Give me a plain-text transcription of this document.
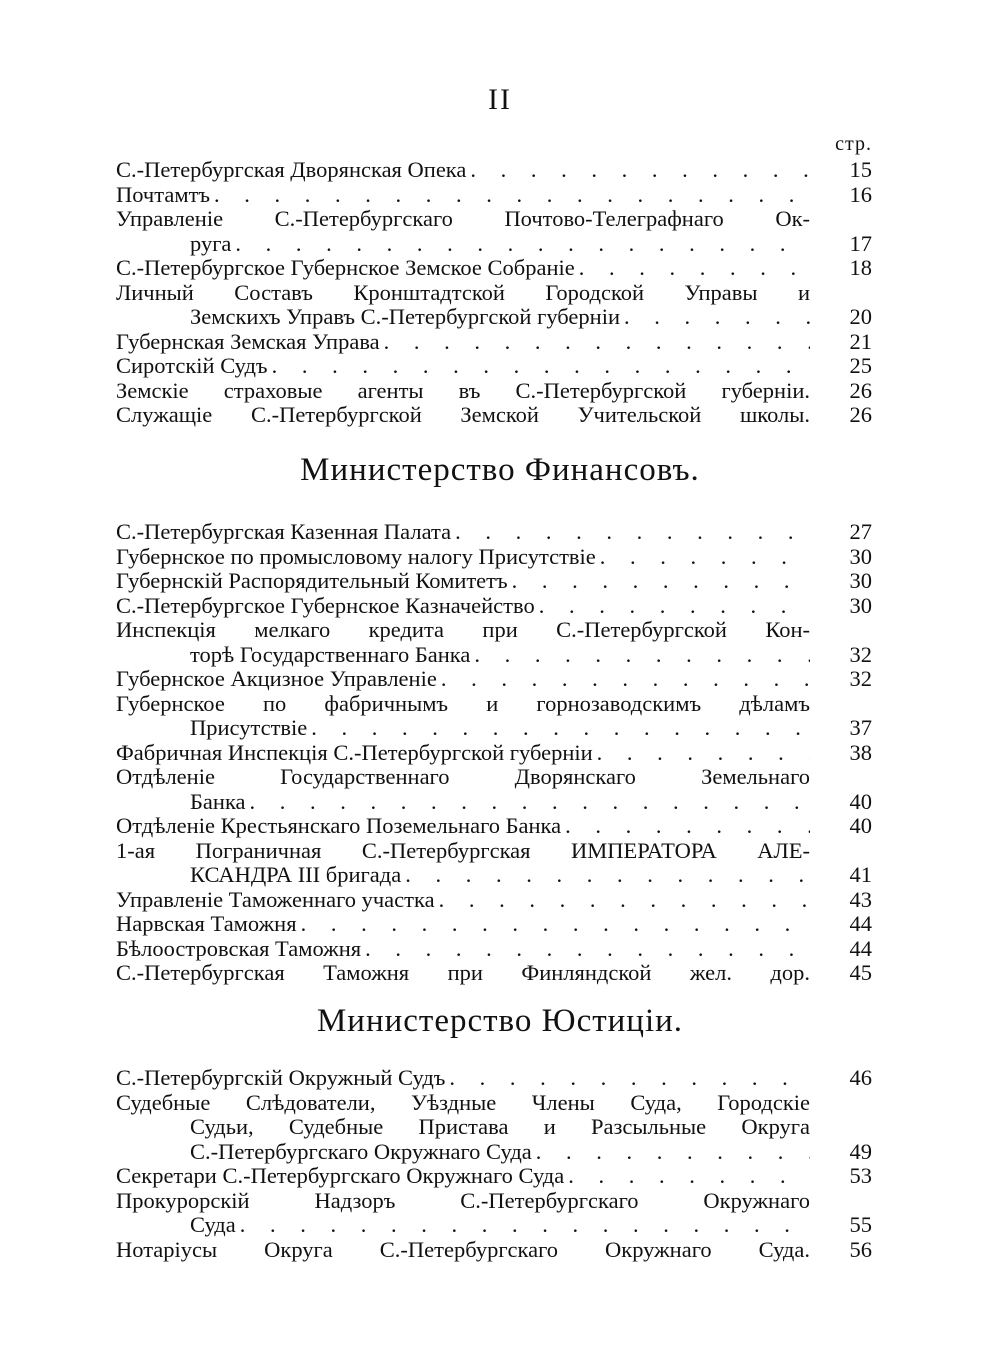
II
стр.
С.-Петербургская Дворянская Опека . . .	15
Почтамтъ . . .	16
Управленіе С.-Петербургскаго Почтово-Телеграфнаго Ок-
руга . . .	17
С.-Петербургское Губернское Земское Собраніе . . .	18
Личный Составъ Кронштадтской Городской Управы и
Земскихъ Управъ С.-Петербургской губерніи . . .	20
Губернская Земская Управа . . .	21
Сиротскій Судъ . . .	25
Земскіе страховые агенты въ С.-Петербургской губерніи.	26
Служащіе С.-Петербургской Земской Учительской школы.	26
Министерство Финансовъ.
С.-Петербургская Казенная Палата . . .	27
Губернское по промысловому налогу Присутствіе . . .	30
Губернскій Распорядительный Комитетъ . . .	30
С.-Петербургское Губернское Казначейство . . .	30
Инспекція мелкаго кредита при С.-Петербургской Кон-
торѣ Государственнаго Банка . . .	32
Губернское Акцизное Управленіе . . .	32
Губернское по фабричнымъ и горнозаводскимъ дѣламъ
Присутствіе . . .	37
Фабричная Инспекція С.-Петербургской губерніи . . .	38
Отдѣленіе Государственнаго Дворянскаго Земельнаго
Банка . . .	40
Отдѣленіе Крестьянскаго Поземельнаго Банка . . .	40
1-ая Пограничная С.-Петербургская ИМПЕРАТОРА АЛЕ-
КСАНДРА III бригада . . .	41
Управленіе Таможеннаго участка . . .	43
Нарвская Таможня . . .	44
Бѣлоостровская Таможня . . .	44
С.-Петербургская Таможня при Финляндской жел. дор.	45
Министерство Юстиціи.
С.-Петербургскій Окружный Судъ . . .	46
Судебные Слѣдователи, Уѣздные Члены Суда, Городскіе
Судьи, Судебные Пристава и Разсыльные Округа
С.-Петербургскаго Окружнаго Суда . . .	49
Секретари С.-Петербургскаго Окружнаго Суда . . .	53
Прокурорскій Надзоръ С.-Петербургскаго Окружнаго
Суда . . .	55
Нотаріусы Округа С.-Петербургскаго Окружнаго Суда.	56
